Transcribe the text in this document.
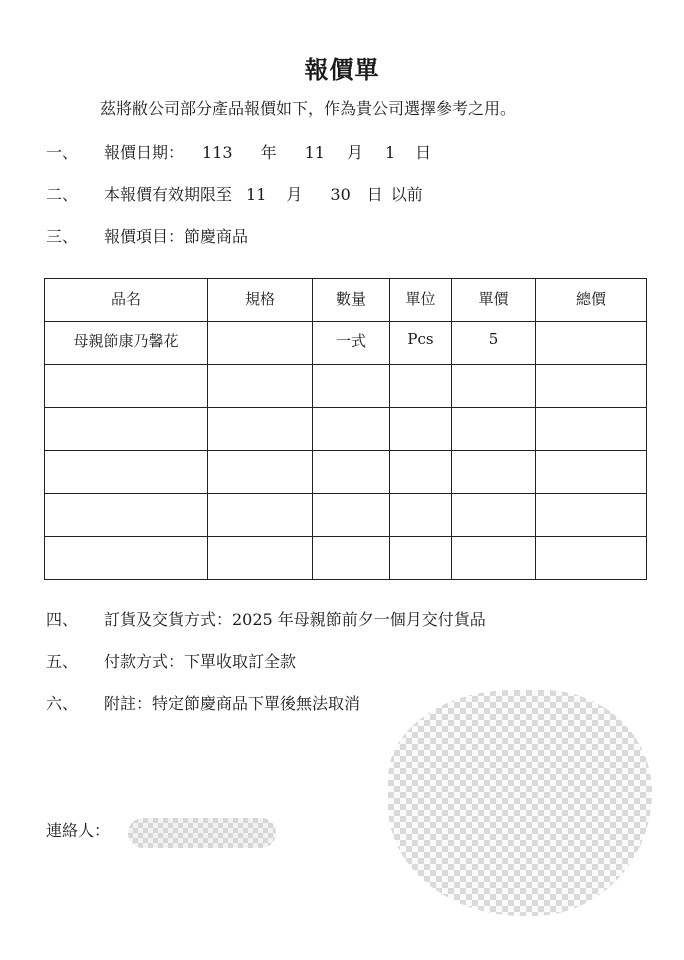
報價單
茲將敝公司部分產品報價如下，作為貴公司選擇參考之用。
一、 報價日期： 113 年 11 月 1 日
二、 本報價有效期限至 11 月 30 日 以前
三、 報價項目：節慶商品
品名	規格	數量	單位	單價	總價
母親節康乃馨花		一式	Pcs	5	

四、 訂貨及交貨方式：2025 年母親節前夕一個月交付貨品
五、 付款方式：下單收取訂全款
六、 附註：特定節慶商品下單後無法取消
連絡人：
